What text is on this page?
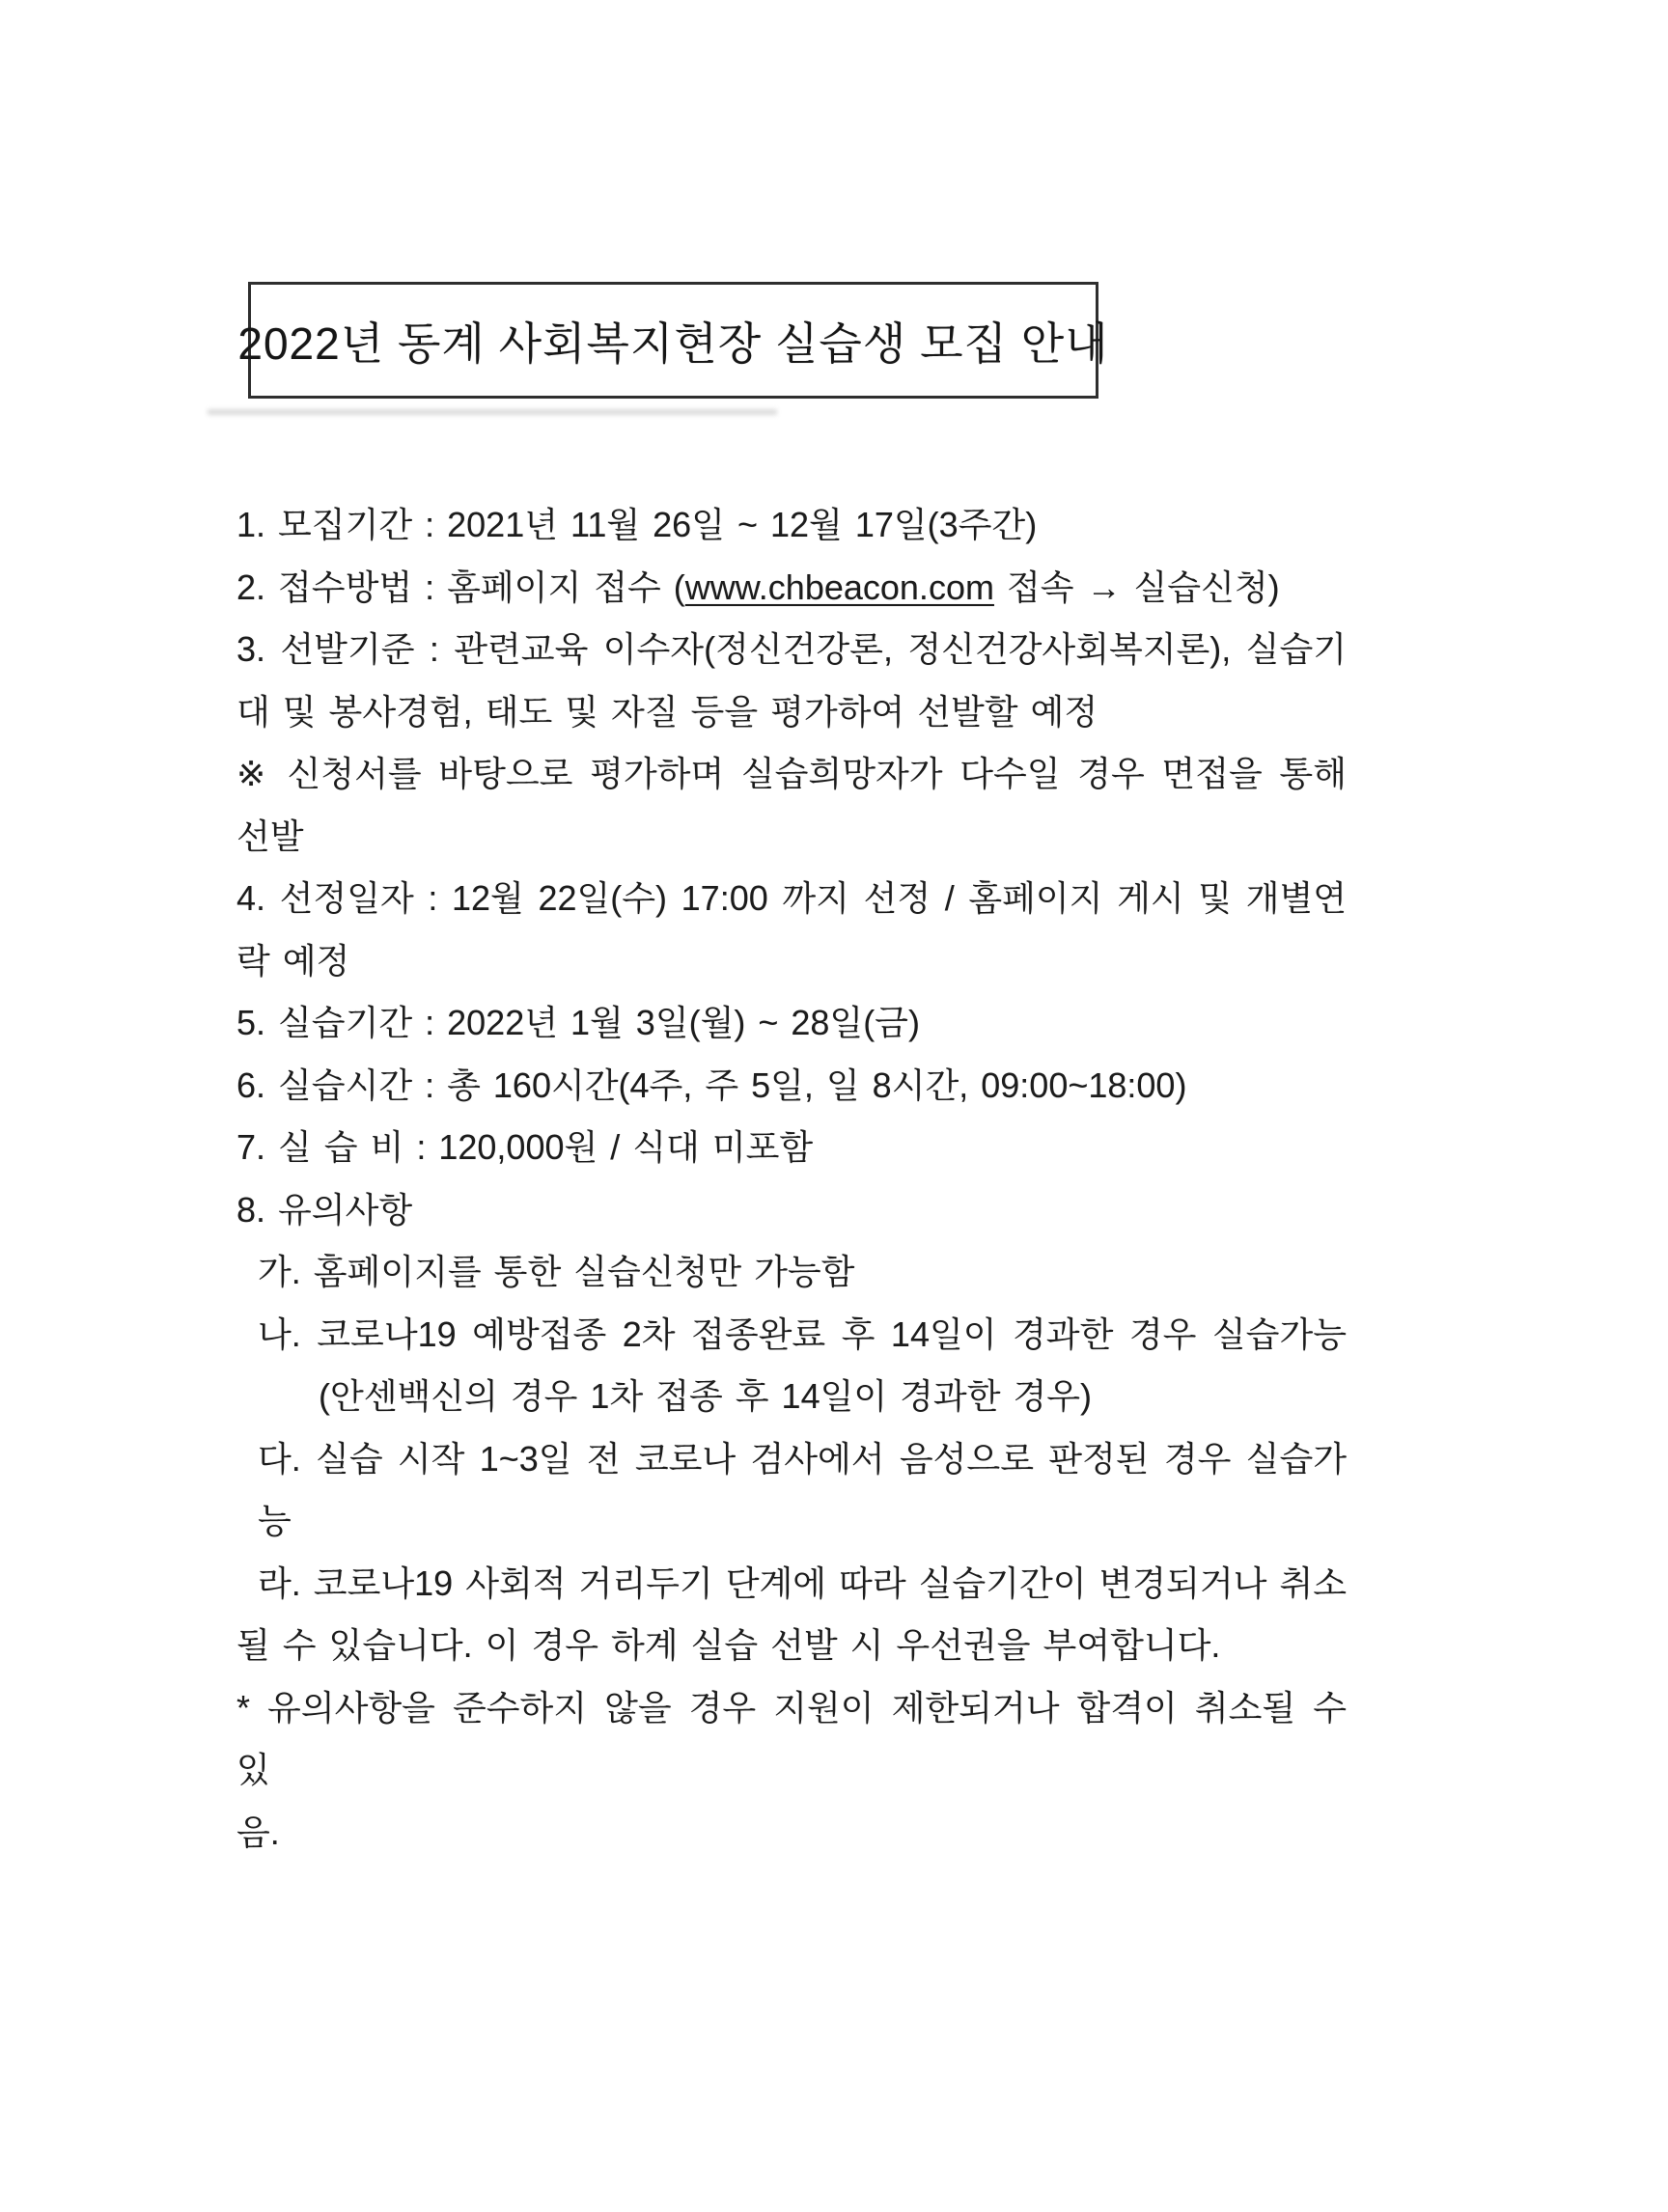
2022년 동계 사회복지현장 실습생 모집 안내
1. 모집기간 : 2021년 11월 26일 ~ 12월 17일(3주간)
2. 접수방법 : 홈페이지 접수 (www.chbeacon.com 접속 → 실습신청)
3. 선발기준 : 관련교육 이수자(정신건강론, 정신건강사회복지론), 실습기
대 및 봉사경험, 태도 및 자질 등을 평가하여 선발할 예정
※ 신청서를 바탕으로 평가하며 실습희망자가 다수일 경우 면접을 통해 선발
4. 선정일자 : 12월 22일(수) 17:00 까지 선정 / 홈페이지 게시 및 개별연
락 예정
5. 실습기간 : 2022년 1월 3일(월) ~ 28일(금)
6. 실습시간 : 총 160시간(4주, 주 5일, 일 8시간, 09:00~18:00)
7. 실 습 비 : 120,000원 / 식대 미포함
8. 유의사항
가. 홈페이지를 통한 실습신청만 가능함
나. 코로나19 예방접종 2차 접종완료 후 14일이 경과한 경우 실습가능
(안센백신의 경우 1차 접종 후 14일이 경과한 경우)
다. 실습 시작 1~3일 전 코로나 검사에서 음성으로 판정된 경우 실습가능
라. 코로나19 사회적 거리두기 단계에 따라 실습기간이 변경되거나 취소
될 수 있습니다. 이 경우 하계 실습 선발 시 우선권을 부여합니다.
* 유의사항을 준수하지 않을 경우 지원이 제한되거나 합격이 취소될 수 있
음.
